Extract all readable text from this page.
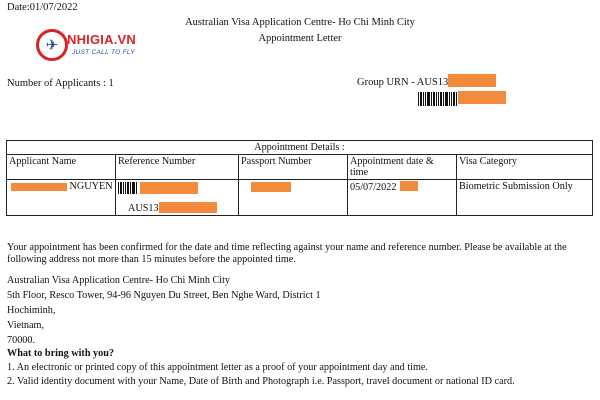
Date:01/07/2022
Australian Visa Application Centre- Ho Chi Minh City
Appointment Letter
✈ NHIGIA.VN
JUST CALL TO FLY
Number of Applicants : 1	Group URN - AUS13
Appointment Details :				
Applicant Name	Reference Number	Passport Number	Appointment date & time	Visa Category
NGUYEN	AUS13		05/07/2022	Biometric Submission Only
Your appointment has been confirmed for the date and time reflecting against your name and reference number. Please be available at the following address not more than 15 minutes before the appointed time.
Australian Visa Application Centre- Ho Chi Minh City
5th Floor, Resco Tower, 94-96 Nguyen Du Street, Ben Nghe Ward, District 1
Hochiminh,
Vietnam,
70000.
What to bring with you?
1. An electronic or printed copy of this appointment letter as a proof of your appointment day and time.
2. Valid identity document with your Name, Date of Birth and Photograph i.e. Passport, travel document or national ID card.
